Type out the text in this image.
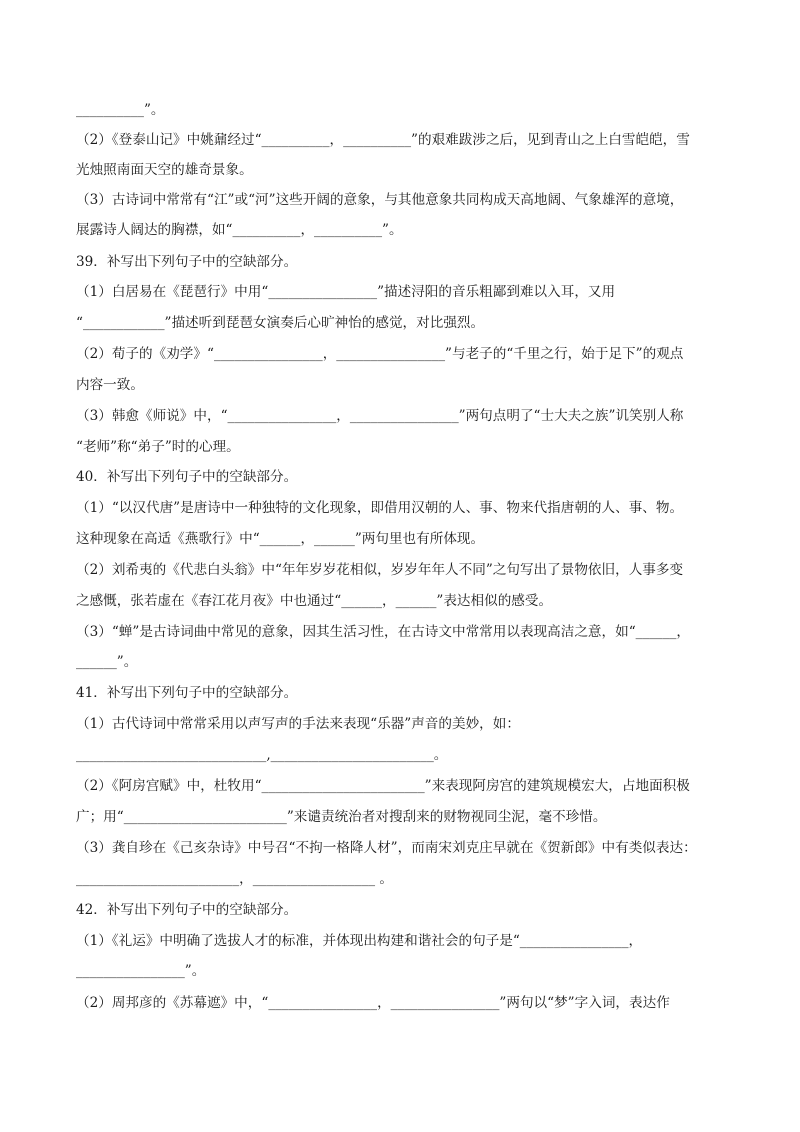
__________”。
（2）《登泰山记》中姚鼐经过“__________，__________”的艰难跋涉之后，见到青山之上白雪皑皑，雪
光烛照南面天空的雄奇景象。
（3）古诗词中常常有“江”或“河”这些开阔的意象，与其他意象共同构成天高地阔、气象雄浑的意境，
展露诗人阔达的胸襟，如“__________，__________”。
39．补写出下列句子中的空缺部分。
（1）白居易在《琵琶行》中用“________________”描述浔阳的音乐粗鄙到难以入耳，又用
“____________”描述听到琵琶女演奏后心旷神怡的感觉，对比强烈。
（2）荀子的《劝学》“________________，________________”与老子的“千里之行，始于足下”的观点
内容一致。
（3）韩愈《师说》中，“________________，________________”两句点明了“士大夫之族”讥笑别人称
“老师”称“弟子”时的心理。
40．补写出下列句子中的空缺部分。
（1）“以汉代唐”是唐诗中一种独特的文化现象，即借用汉朝的人、事、物来代指唐朝的人、事、物。
这种现象在高适《燕歌行》中“______，______”两句里也有所体现。
（2）刘希夷的《代悲白头翁》中“年年岁岁花相似，岁岁年年人不同”之句写出了景物依旧，人事多变
之感慨，张若虚在《春江花月夜》中也通过“______，______”表达相似的感受。
（3）“蝉”是古诗词曲中常见的意象，因其生活习性，在古诗文中常常用以表现高洁之意，如“______，
______”。
41．补写出下列句子中的空缺部分。
（1）古代诗词中常常采用以声写声的手法来表现“乐器”声音的美妙，如：
____________________________,________________________。
（2）《阿房宫赋》中，杜牧用“________________________”来表现阿房宫的建筑规模宏大，占地面积极
广；用“________________________”来谴责统治者对搜刮来的财物视同尘泥，毫不珍惜。
（3）龚自珍在《己亥杂诗》中号召“不拘一格降人材”，而南宋刘克庄早就在《贺新郎》中有类似表达：
________________________，__________________ 。
42．补写出下列句子中的空缺部分。
（1）《礼运》中明确了选拔人才的标准，并体现出构建和谐社会的句子是“________________，
________________”。
（2）周邦彦的《苏幕遮》中，“________________，________________”两句以“梦”字入词，表达作
